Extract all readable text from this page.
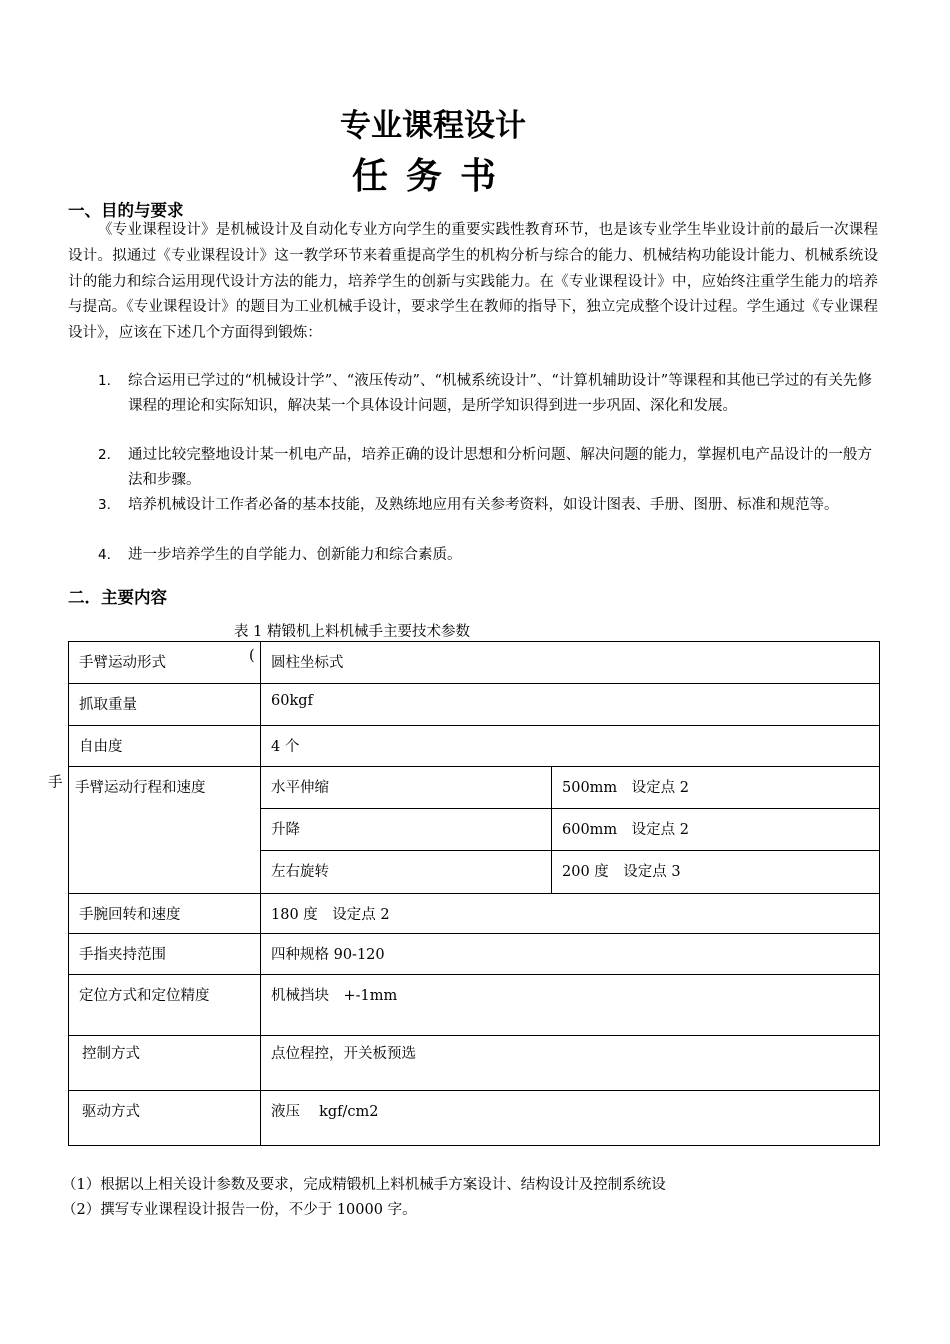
专业课程设计
任务书
一、目的与要求

《专业课程设计》是机械设计及自动化专业方向学生的重要实践性教育环节，也是该专业学生毕业设计前的最后一次课程设计。拟通过《专业课程设计》这一教学环节来着重提高学生的机构分析与综合的能力、机械结构功能设计能力、机械系统设计的能力和综合运用现代设计方法的能力，培养学生的创新与实践能力。在《专业课程设计》中，应始终注重学生能力的培养与提高。《专业课程设计》的题目为工业机械手设计，要求学生在教师的指导下，独立完成整个设计过程。学生通过《专业课程设计》，应该在下述几个方面得到锻炼：

1. 综合运用已学过的“机械设计学”、“液压传动”、“机械系统设计”、“计算机辅助设计”等课程和其他已学过的有关先修课程的理论和实际知识，解决某一个具体设计问题，是所学知识得到进一步巩固、深化和发展。
2. 通过比较完整地设计某一机电产品，培养正确的设计思想和分析问题、解决问题的能力，掌握机电产品设计的一般方法和步骤。
3. 培养机械设计工作者必备的基本技能，及熟练地应用有关参考资料，如设计图表、手册、图册、标准和规范等。
4. 进一步培养学生的自学能力、创新能力和综合素质。
二．主要内容
表 1 精锻机上料机械手主要技术参数
手臂运动形式	圆柱坐标式	
抓取重量	60kgf	
自由度	4 个	
手臂运动行程和速度	水平伸缩	500mm　设定点 2
	升降	600mm　设定点 2
	左右旋转	200 度　设定点 3
手腕回转和速度	180 度　设定点 2	
手指夹持范围	四种规格 90-120	
定位方式和定位精度	机械挡块　+-1mm	
控制方式	点位程控，开关板预选	
驱动方式	液压　 kgf/cm2	
(
手
（1）根据以上相关设计参数及要求，完成精锻机上料机械手方案设计、结构设计及控制系统设
（2）撰写专业课程设计报告一份，不少于 10000 字。
